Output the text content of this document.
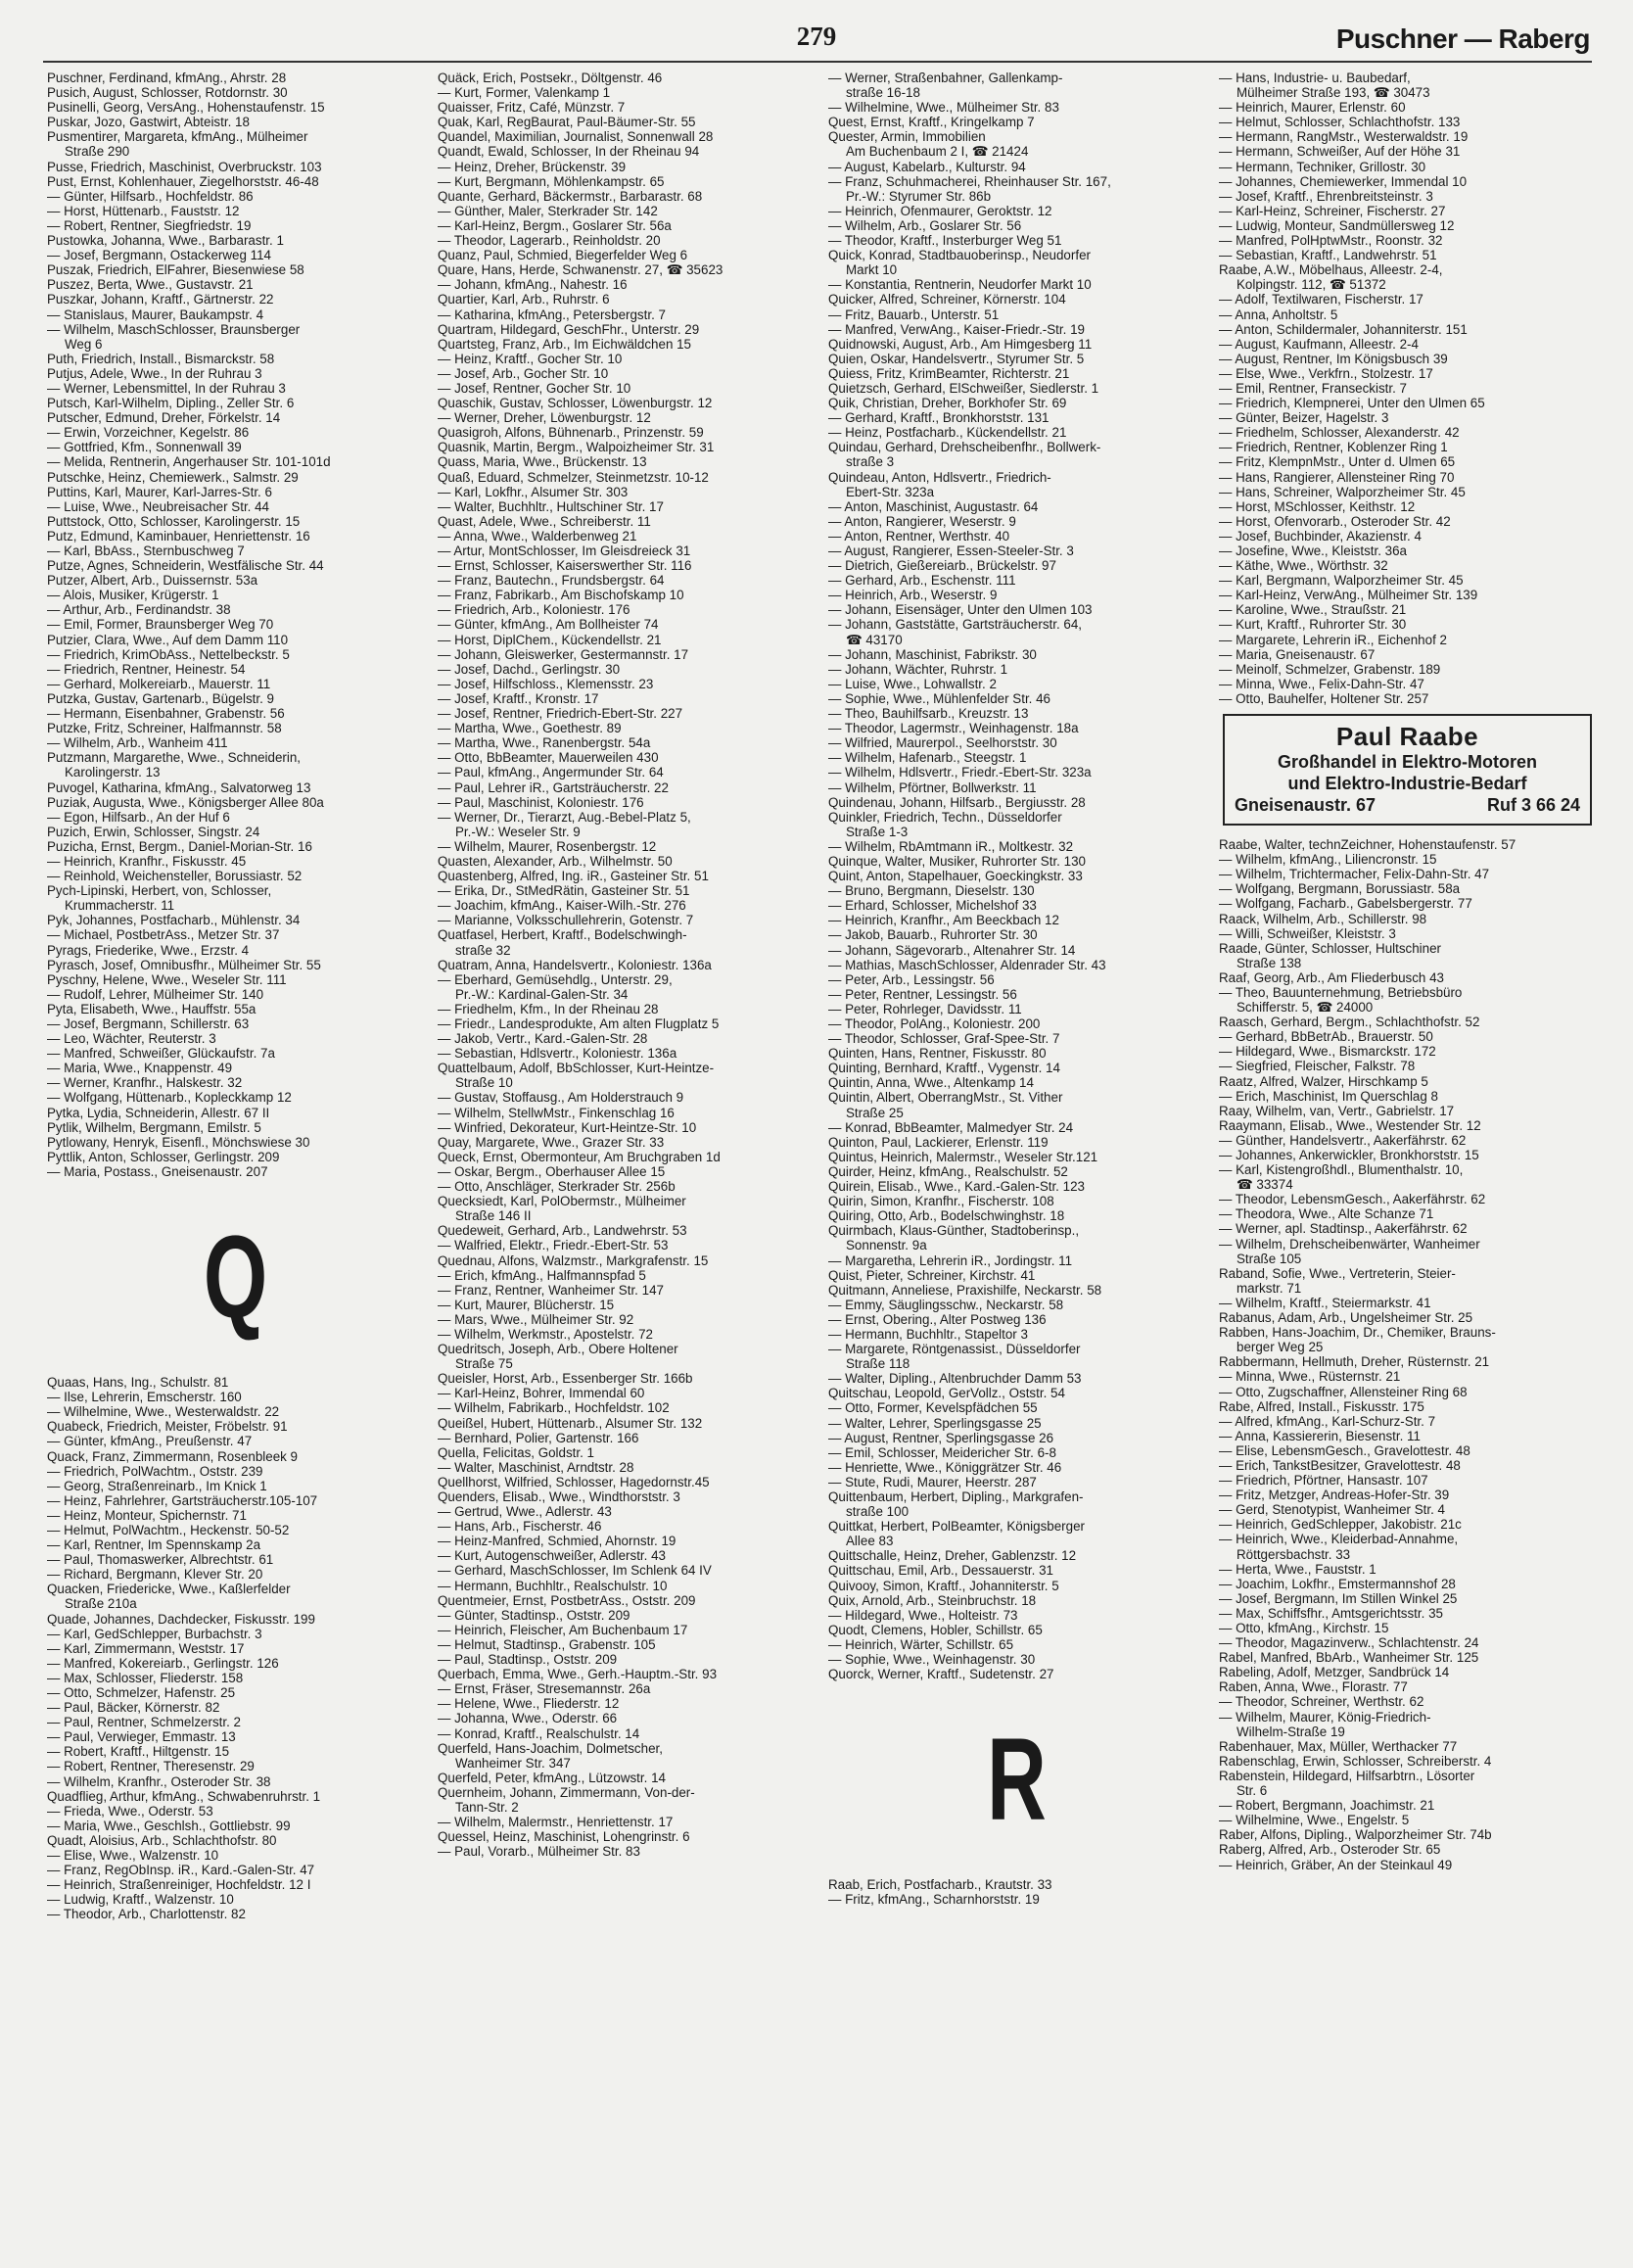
279	Puschner — Raberg
Puschner, Ferdinand, kfmAng., Ahrstr. 28
Pusich, August, Schlosser, Rotdornstr. 30
Pusinelli, Georg, VersAng., Hohenstaufenstr. 15
Puskar, Jozo, Gastwirt, Abteistr. 18
Pusmentirer, Margareta, kfmAng., Mülheimer
Straße 290
Pusse, Friedrich, Maschinist, Overbruckstr. 103
Pust, Ernst, Kohlenhauer, Ziegelhorststr. 46-48
— Günter, Hilfsarb., Hochfeldstr. 86
— Horst, Hüttenarb., Fauststr. 12
— Robert, Rentner, Siegfriedstr. 19
Pustowka, Johanna, Wwe., Barbarastr. 1
— Josef, Bergmann, Ostackerweg 114
Puszak, Friedrich, ElFahrer, Biesenwiese 58
Puszez, Berta, Wwe., Gustavstr. 21
Puszkar, Johann, Kraftf., Gärtnerstr. 22
— Stanislaus, Maurer, Baukampstr. 4
— Wilhelm, MaschSchlosser, Braunsberger
Weg 6
Puth, Friedrich, Install., Bismarckstr. 58
Putjus, Adele, Wwe., In der Ruhrau 3
— Werner, Lebensmittel, In der Ruhrau 3
Putsch, Karl-Wilhelm, Dipling., Zeller Str. 6
Putscher, Edmund, Dreher, Förkelstr. 14
— Erwin, Vorzeichner, Kegelstr. 86
— Gottfried, Kfm., Sonnenwall 39
— Melida, Rentnerin, Angerhauser Str. 101-101d
Putschke, Heinz, Chemiewerk., Salmstr. 29
Puttins, Karl, Maurer, Karl-Jarres-Str. 6
— Luise, Wwe., Neubreisacher Str. 44
Puttstock, Otto, Schlosser, Karolingerstr. 15
Putz, Edmund, Kaminbauer, Henriettenstr. 16
— Karl, BbAss., Sternbuschweg 7
Putze, Agnes, Schneiderin, Westfälische Str. 44
Putzer, Albert, Arb., Duissernstr. 53a
— Alois, Musiker, Krügerstr. 1
— Arthur, Arb., Ferdinandstr. 38
— Emil, Former, Braunsberger Weg 70
Putzier, Clara, Wwe., Auf dem Damm 110
— Friedrich, KrimObAss., Nettelbeckstr. 5
— Friedrich, Rentner, Heinestr. 54
— Gerhard, Molkereiarb., Mauerstr. 11
Putzka, Gustav, Gartenarb., Bügelstr. 9
— Hermann, Eisenbahner, Grabenstr. 56
Putzke, Fritz, Schreiner, Halfmannstr. 58
— Wilhelm, Arb., Wanheim 411
Putzmann, Margarethe, Wwe., Schneiderin,
Karolingerstr. 13
Puvogel, Katharina, kfmAng., Salvatorweg 13
Puziak, Augusta, Wwe., Königsberger Allee 80a
— Egon, Hilfsarb., An der Huf 6
Puzich, Erwin, Schlosser, Singstr. 24
Puzicha, Ernst, Bergm., Daniel-Morian-Str. 16
— Heinrich, Kranfhr., Fiskusstr. 45
— Reinhold, Weichensteller, Borussiastr. 52
Pych-Lipinski, Herbert, von, Schlosser,
Krummacherstr. 11
Pyk, Johannes, Postfacharb., Mühlenstr. 34
— Michael, PostbetrAss., Metzer Str. 37
Pyrags, Friederike, Wwe., Erzstr. 4
Pyrasch, Josef, Omnibusfhr., Mülheimer Str. 55
Pyschny, Helene, Wwe., Weseler Str. 111
— Rudolf, Lehrer, Mülheimer Str. 140
Pyta, Elisabeth, Wwe., Hauffstr. 55a
— Josef, Bergmann, Schillerstr. 63
— Leo, Wächter, Reuterstr. 3
— Manfred, Schweißer, Glückaufstr. 7a
— Maria, Wwe., Knappenstr. 49
— Werner, Kranfhr., Halskestr. 32
— Wolfgang, Hüttenarb., Kopleckkamp 12
Pytka, Lydia, Schneiderin, Allestr. 67 II
Pytlik, Wilhelm, Bergmann, Emilstr. 5
Pytlowany, Henryk, Eisenfl., Mönchswiese 30
Pyttlik, Anton, Schlosser, Gerlingstr. 209
— Maria, Postass., Gneisenaustr. 207
Q
Quaas, Hans, Ing., Schulstr. 81
— Ilse, Lehrerin, Emscherstr. 160
— Wilhelmine, Wwe., Westerwaldstr. 22
Quabeck, Friedrich, Meister, Fröbelstr. 91
— Günter, kfmAng., Preußenstr. 47
Quack, Franz, Zimmermann, Rosenbleek 9
— Friedrich, PolWachtm., Oststr. 239
— Georg, Straßenreinarb., Im Knick 1
— Heinz, Fahrlehrer, Gartsträucherstr.105-107
— Heinz, Monteur, Spichernstr. 71
— Helmut, PolWachtm., Heckenstr. 50-52
— Karl, Rentner, Im Spennskamp 2a
— Paul, Thomaswerker, Albrechtstr. 61
— Richard, Bergmann, Klever Str. 20
Quacken, Friedericke, Wwe., Kaßlerfelder
Straße 210a
Quade, Johannes, Dachdecker, Fiskusstr. 199
— Karl, GedSchlepper, Burbachstr. 3
— Karl, Zimmermann, Weststr. 17
— Manfred, Kokereiarb., Gerlingstr. 126
— Max, Schlosser, Fliederstr. 158
— Otto, Schmelzer, Hafenstr. 25
— Paul, Bäcker, Körnerstr. 82
— Paul, Rentner, Schmelzerstr. 2
— Paul, Verwieger, Emmastr. 13
— Robert, Kraftf., Hiltgenstr. 15
— Robert, Rentner, Theresenstr. 29
— Wilhelm, Kranfhr., Osteroder Str. 38
Quadflieg, Arthur, kfmAng., Schwabenruhrstr. 1
— Frieda, Wwe., Oderstr. 53
— Maria, Wwe., Geschlsh., Gottliebstr. 99
Quadt, Aloisius, Arb., Schlachthofstr. 80
— Elise, Wwe., Walzenstr. 10
— Franz, RegObInsp. iR., Kard.-Galen-Str. 47
— Heinrich, Straßenreiniger, Hochfeldstr. 12 I
— Ludwig, Kraftf., Walzenstr. 10
— Theodor, Arb., Charlottenstr. 82
Quäck, Erich, Postsekr., Döltgenstr. 46
— Kurt, Former, Valenkamp 1
Quaisser, Fritz, Café, Münzstr. 7
Quak, Karl, RegBaurat, Paul-Bäumer-Str. 55
Quandel, Maximilian, Journalist, Sonnenwall 28
Quandt, Ewald, Schlosser, In der Rheinau 94
— Heinz, Dreher, Brückenstr. 39
— Kurt, Bergmann, Möhlenkampstr. 65
Quante, Gerhard, Bäckermstr., Barbarastr. 68
— Günther, Maler, Sterkrader Str. 142
— Karl-Heinz, Bergm., Goslarer Str. 56a
— Theodor, Lagerarb., Reinholdstr. 20
Quanz, Paul, Schmied, Biegerfelder Weg 6
Quare, Hans, Herde, Schwanenstr. 27, ☎ 35623
— Johann, kfmAng., Nahestr. 16
Quartier, Karl, Arb., Ruhrstr. 6
— Katharina, kfmAng., Petersbergstr. 7
Quartram, Hildegard, GeschFhr., Unterstr. 29
Quartsteg, Franz, Arb., Im Eichwäldchen 15
— Heinz, Kraftf., Gocher Str. 10
— Josef, Arb., Gocher Str. 10
— Josef, Rentner, Gocher Str. 10
Quaschik, Gustav, Schlosser, Löwenburgstr. 12
— Werner, Dreher, Löwenburgstr. 12
Quasigroh, Alfons, Bühnenarb., Prinzenstr. 59
Quasnik, Martin, Bergm., Walpoizheimer Str. 31
Quass, Maria, Wwe., Brückenstr. 13
Quaß, Eduard, Schmelzer, Steinmetzstr. 10-12
— Karl, Lokfhr., Alsumer Str. 303
— Walter, Buchhltr., Hultschiner Str. 17
Quast, Adele, Wwe., Schreiberstr. 11
— Anna, Wwe., Walderbenweg 21
— Artur, MontSchlosser, Im Gleisdreieck 31
— Ernst, Schlosser, Kaiserswerther Str. 116
— Franz, Bautechn., Frundsbergstr. 64
— Franz, Fabrikarb., Am Bischofskamp 10
— Friedrich, Arb., Koloniestr. 176
— Günter, kfmAng., Am Bollheister 74
— Horst, DiplChem., Kückendellstr. 21
— Johann, Gleiswerker, Gestermannstr. 17
— Josef, Dachd., Gerlingstr. 30
— Josef, Hilfschloss., Klemensstr. 23
— Josef, Kraftf., Kronstr. 17
— Josef, Rentner, Friedrich-Ebert-Str. 227
— Martha, Wwe., Goethestr. 89
— Martha, Wwe., Ranenbergstr. 54a
— Otto, BbBeamter, Mauerweilen 430
— Paul, kfmAng., Angermunder Str. 64
— Paul, Lehrer iR., Gartsträucherstr. 22
— Paul, Maschinist, Koloniestr. 176
— Werner, Dr., Tierarzt, Aug.-Bebel-Platz 5,
Pr.-W.: Weseler Str. 9
— Wilhelm, Maurer, Rosenbergstr. 12
Quasten, Alexander, Arb., Wilhelmstr. 50
Quastenberg, Alfred, Ing. iR., Gasteiner Str. 51
— Erika, Dr., StMedRätin, Gasteiner Str. 51
— Joachim, kfmAng., Kaiser-Wilh.-Str. 276
— Marianne, Volksschullehrerin, Gotenstr. 7
Quatfasel, Herbert, Kraftf., Bodelschwingh-
straße 32
Quatram, Anna, Handelsvertr., Koloniestr. 136a
— Eberhard, Gemüsehdlg., Unterstr. 29,
Pr.-W.: Kardinal-Galen-Str. 34
— Friedhelm, Kfm., In der Rheinau 28
— Friedr., Landesprodukte, Am alten Flugplatz 5
— Jakob, Vertr., Kard.-Galen-Str. 28
— Sebastian, Hdlsvertr., Koloniestr. 136a
Quattelbaum, Adolf, BbSchlosser, Kurt-Heintze-
Straße 10
— Gustav, Stoffausg., Am Holderstrauch 9
— Wilhelm, StellwMstr., Finkenschlag 16
— Winfried, Dekorateur, Kurt-Heintze-Str. 10
Quay, Margarete, Wwe., Grazer Str. 33
Queck, Ernst, Obermonteur, Am Bruchgraben 1d
— Oskar, Bergm., Oberhauser Allee 15
— Otto, Anschläger, Sterkrader Str. 256b
Quecksiedt, Karl, PolObermstr., Mülheimer
Straße 146 II
Quedeweit, Gerhard, Arb., Landwehrstr. 53
— Walfried, Elektr., Friedr.-Ebert-Str. 53
Quednau, Alfons, Walzmstr., Markgrafenstr. 15
— Erich, kfmAng., Halfmannspfad 5
— Franz, Rentner, Wanheimer Str. 147
— Kurt, Maurer, Blücherstr. 15
— Mars, Wwe., Mülheimer Str. 92
— Wilhelm, Werkmstr., Apostelstr. 72
Quedritsch, Joseph, Arb., Obere Holtener
Straße 75
Queisler, Horst, Arb., Essenberger Str. 166b
— Karl-Heinz, Bohrer, Immendal 60
— Wilhelm, Fabrikarb., Hochfeldstr. 102
Queißel, Hubert, Hüttenarb., Alsumer Str. 132
— Bernhard, Polier, Gartenstr. 166
Quella, Felicitas, Goldstr. 1
— Walter, Maschinist, Arndtstr. 28
Quellhorst, Wilfried, Schlosser, Hagedornstr.45
Quenders, Elisab., Wwe., Windthorststr. 3
— Gertrud, Wwe., Adlerstr. 43
— Hans, Arb., Fischerstr. 46
— Heinz-Manfred, Schmied, Ahornstr. 19
— Kurt, Autogenschweißer, Adlerstr. 43
— Gerhard, MaschSchlosser, Im Schlenk 64 IV
— Hermann, Buchhltr., Realschulstr. 10
Quentmeier, Ernst, PostbetrAss., Oststr. 209
— Günter, Stadtinsp., Oststr. 209
— Heinrich, Fleischer, Am Buchenbaum 17
— Helmut, Stadtinsp., Grabenstr. 105
— Paul, Stadtinsp., Oststr. 209
Querbach, Emma, Wwe., Gerh.-Hauptm.-Str. 93
— Ernst, Fräser, Stresemannstr. 26a
— Helene, Wwe., Fliederstr. 12
— Johanna, Wwe., Oderstr. 66
— Konrad, Kraftf., Realschulstr. 14
Querfeld, Hans-Joachim, Dolmetscher,
Wanheimer Str. 347
Querfeld, Peter, kfmAng., Lützowstr. 14
Quernheim, Johann, Zimmermann, Von-der-
Tann-Str. 2
— Wilhelm, Malermstr., Henriettenstr. 17
Quessel, Heinz, Maschinist, Lohengrinstr. 6
— Paul, Vorarb., Mülheimer Str. 83
— Werner, Straßenbahner, Gallenkamp-
straße 16-18
— Wilhelmine, Wwe., Mülheimer Str. 83
Quest, Ernst, Kraftf., Kringelkamp 7
Quester, Armin, Immobilien
Am Buchenbaum 2 I, ☎ 21424
— August, Kabelarb., Kulturstr. 94
— Franz, Schuhmacherei, Rheinhauser Str. 167,
Pr.-W.: Styrumer Str. 86b
— Heinrich, Ofenmaurer, Geroktstr. 12
— Wilhelm, Arb., Goslarer Str. 56
— Theodor, Kraftf., Insterburger Weg 51
Quick, Konrad, Stadtbauoberinsp., Neudorfer
Markt 10
— Konstantia, Rentnerin, Neudorfer Markt 10
Quicker, Alfred, Schreiner, Körnerstr. 104
— Fritz, Bauarb., Unterstr. 51
— Manfred, VerwAng., Kaiser-Friedr.-Str. 19
Quidnowski, August, Arb., Am Himgesberg 11
Quien, Oskar, Handelsvertr., Styrumer Str. 5
Quiess, Fritz, KrimBeamter, Richterstr. 21
Quietzsch, Gerhard, ElSchweißer, Siedlerstr. 1
Quik, Christian, Dreher, Borkhofer Str. 69
— Gerhard, Kraftf., Bronkhorststr. 131
— Heinz, Postfacharb., Kückendellstr. 21
Quindau, Gerhard, Drehscheibenfhr., Bollwerk-
straße 3
Quindeau, Anton, Hdlsvertr., Friedrich-
Ebert-Str. 323a
— Anton, Maschinist, Augustastr. 64
— Anton, Rangierer, Weserstr. 9
— Anton, Rentner, Werthstr. 40
— August, Rangierer, Essen-Steeler-Str. 3
— Dietrich, Gießereiarb., Brückelstr. 97
— Gerhard, Arb., Eschenstr. 111
— Heinrich, Arb., Weserstr. 9
— Johann, Eisensäger, Unter den Ulmen 103
— Johann, Gaststätte, Gartsträucherstr. 64,
☎ 43170
— Johann, Maschinist, Fabrikstr. 30
— Johann, Wächter, Ruhrstr. 1
— Luise, Wwe., Lohwallstr. 2
— Sophie, Wwe., Mühlenfelder Str. 46
— Theo, Bauhilfsarb., Kreuzstr. 13
— Theodor, Lagermstr., Weinhagenstr. 18a
— Wilfried, Maurerpol., Seelhorststr. 30
— Wilhelm, Hafenarb., Steegstr. 1
— Wilhelm, Hdlsvertr., Friedr.-Ebert-Str. 323a
— Wilhelm, Pförtner, Bollwerkstr. 11
Quindenau, Johann, Hilfsarb., Bergiusstr. 28
Quinkler, Friedrich, Techn., Düsseldorfer
Straße 1-3
— Wilhelm, RbAmtmann iR., Moltkestr. 32
Quinque, Walter, Musiker, Ruhrorter Str. 130
Quint, Anton, Stapelhauer, Goeckingkstr. 33
— Bruno, Bergmann, Dieselstr. 130
— Erhard, Schlosser, Michelshof 33
— Heinrich, Kranfhr., Am Beeckbach 12
— Jakob, Bauarb., Ruhrorter Str. 30
— Johann, Sägevorarb., Altenahrer Str. 14
— Mathias, MaschSchlosser, Aldenrader Str. 43
— Peter, Arb., Lessingstr. 56
— Peter, Rentner, Lessingstr. 56
— Peter, Rohrleger, Davidsstr. 11
— Theodor, PolAng., Koloniestr. 200
— Theodor, Schlosser, Graf-Spee-Str. 7
Quinten, Hans, Rentner, Fiskusstr. 80
Quinting, Bernhard, Kraftf., Vygenstr. 14
Quintin, Anna, Wwe., Altenkamp 14
Quintin, Albert, OberrangMstr., St. Vither
Straße 25
— Konrad, BbBeamter, Malmedyer Str. 24
Quinton, Paul, Lackierer, Erlenstr. 119
Quintus, Heinrich, Malermstr., Weseler Str.121
Quirder, Heinz, kfmAng., Realschulstr. 52
Quirein, Elisab., Wwe., Kard.-Galen-Str. 123
Quirin, Simon, Kranfhr., Fischerstr. 108
Quiring, Otto, Arb., Bodelschwinghstr. 18
Quirmbach, Klaus-Günther, Stadtoberinsp.,
Sonnenstr. 9a
— Margaretha, Lehrerin iR., Jordingstr. 11
Quist, Pieter, Schreiner, Kirchstr. 41
Quitmann, Anneliese, Praxishilfe, Neckarstr. 58
— Emmy, Säuglingsschw., Neckarstr. 58
— Ernst, Obering., Alter Postweg 136
— Hermann, Buchhltr., Stapeltor 3
— Margarete, Röntgenassist., Düsseldorfer
Straße 118
— Walter, Dipling., Altenbruchder Damm 53
Quitschau, Leopold, GerVollz., Oststr. 54
— Otto, Former, Kevelspfädchen 55
— Walter, Lehrer, Sperlingsgasse 25
— August, Rentner, Sperlingsgasse 26
— Emil, Schlosser, Meidericher Str. 6-8
— Henriette, Wwe., Königgrätzer Str. 46
— Stute, Rudi, Maurer, Heerstr. 287
Quittenbaum, Herbert, Dipling., Markgrafen-
straße 100
Quittkat, Herbert, PolBeamter, Königsberger
Allee 83
Quittschalle, Heinz, Dreher, Gablenzstr. 12
Quittschau, Emil, Arb., Dessauerstr. 31
Quivooy, Simon, Kraftf., Johanniterstr. 5
Quix, Arnold, Arb., Steinbruchstr. 18
— Hildegard, Wwe., Holteistr. 73
Quodt, Clemens, Hobler, Schillstr. 65
— Heinrich, Wärter, Schillstr. 65
— Sophie, Wwe., Weinhagenstr. 30
Quorck, Werner, Kraftf., Sudetenstr. 27
R
Raab, Erich, Postfacharb., Krautstr. 33
— Fritz, kfmAng., Scharnhorststr. 19
— Hans, Industrie- u. Baubedarf,
Mülheimer Straße 193, ☎ 30473
— Heinrich, Maurer, Erlenstr. 60
— Helmut, Schlosser, Schlachthofstr. 133
— Hermann, RangMstr., Westerwaldstr. 19
— Hermann, Schweißer, Auf der Höhe 31
— Hermann, Techniker, Grillostr. 30
— Johannes, Chemiewerker, Immendal 10
— Josef, Kraftf., Ehrenbreitsteinstr. 3
— Karl-Heinz, Schreiner, Fischerstr. 27
— Ludwig, Monteur, Sandmüllersweg 12
— Manfred, PolHptwMstr., Roonstr. 32
— Sebastian, Kraftf., Landwehrstr. 51
Raabe, A.W., Möbelhaus, Alleestr. 2-4,
Kolpingstr. 112, ☎ 51372
— Adolf, Textilwaren, Fischerstr. 17
— Anna, Anholtstr. 5
— Anton, Schildermaler, Johanniterstr. 151
— August, Kaufmann, Alleestr. 2-4
— August, Rentner, Im Königsbusch 39
— Else, Wwe., Verkfrn., Stolzestr. 17
— Emil, Rentner, Franseckistr. 7
— Friedrich, Klempnerei, Unter den Ulmen 65
— Günter, Beizer, Hagelstr. 3
— Friedhelm, Schlosser, Alexanderstr. 42
— Friedrich, Rentner, Koblenzer Ring 1
— Fritz, KlempnMstr., Unter d. Ulmen 65
— Hans, Rangierer, Allensteiner Ring 70
— Hans, Schreiner, Walporzheimer Str. 45
— Horst, MSchlosser, Keithstr. 12
— Horst, Ofenvorarb., Osteroder Str. 42
— Josef, Buchbinder, Akazienstr. 4
— Josefine, Wwe., Kleiststr. 36a
— Käthe, Wwe., Wörthstr. 32
— Karl, Bergmann, Walporzheimer Str. 45
— Karl-Heinz, VerwAng., Mülheimer Str. 139
— Karoline, Wwe., Straußstr. 21
— Kurt, Kraftf., Ruhrorter Str. 30
— Margarete, Lehrerin iR., Eichenhof 2
— Maria, Gneisenaustr. 67
— Meinolf, Schmelzer, Grabenstr. 189
— Minna, Wwe., Felix-Dahn-Str. 47
— Otto, Bauhelfer, Holtener Str. 257
Paul Raabe
Großhandel in Elektro-Motoren
und Elektro-Industrie-Bedarf
Gneisenaustr. 67	Ruf 3 66 24
Raabe, Walter, technZeichner, Hohenstaufenstr. 57
— Wilhelm, kfmAng., Liliencronstr. 15
— Wilhelm, Trichtermacher, Felix-Dahn-Str. 47
— Wolfgang, Bergmann, Borussiastr. 58a
— Wolfgang, Facharb., Gabelsbergerstr. 77
Raack, Wilhelm, Arb., Schillerstr. 98
— Willi, Schweißer, Kleiststr. 3
Raade, Günter, Schlosser, Hultschiner
Straße 138
Raaf, Georg, Arb., Am Fliederbusch 43
— Theo, Bauunternehmung, Betriebsbüro
Schifferstr. 5, ☎ 24000
Raasch, Gerhard, Bergm., Schlachthofstr. 52
— Gerhard, BbBetrAb., Brauerstr. 50
— Hildegard, Wwe., Bismarckstr. 172
— Siegfried, Fleischer, Falkstr. 78
Raatz, Alfred, Walzer, Hirschkamp 5
— Erich, Maschinist, Im Querschlag 8
Raay, Wilhelm, van, Vertr., Gabrielstr. 17
Raaymann, Elisab., Wwe., Westender Str. 12
— Günther, Handelsvertr., Aakerfährstr. 62
— Johannes, Ankerwickler, Bronkhorststr. 15
— Karl, Kistengroßhdl., Blumenthalstr. 10,
☎ 33374
— Theodor, LebensmGesch., Aakerfährstr. 62
— Theodora, Wwe., Alte Schanze 71
— Werner, apl. Stadtinsp., Aakerfährstr. 62
— Wilhelm, Drehscheibenwärter, Wanheimer
Straße 105
Raband, Sofie, Wwe., Vertreterin, Steier-
markstr. 71
— Wilhelm, Kraftf., Steiermarkstr. 41
Rabanus, Adam, Arb., Ungelsheimer Str. 25
Rabben, Hans-Joachim, Dr., Chemiker, Brauns-
berger Weg 25
Rabbermann, Hellmuth, Dreher, Rüsternstr. 21
— Minna, Wwe., Rüsternstr. 21
— Otto, Zugschaffner, Allensteiner Ring 68
Rabe, Alfred, Install., Fiskusstr. 175
— Alfred, kfmAng., Karl-Schurz-Str. 7
— Anna, Kassiererin, Biesenstr. 11
— Elise, LebensmGesch., Gravelottestr. 48
— Erich, TankstBesitzer, Gravelottestr. 48
— Friedrich, Pförtner, Hansastr. 107
— Fritz, Metzger, Andreas-Hofer-Str. 39
— Gerd, Stenotypist, Wanheimer Str. 4
— Heinrich, GedSchlepper, Jakobistr. 21c
— Heinrich, Wwe., Kleiderbad-Annahme,
Röttgersbachstr. 33
— Herta, Wwe., Fauststr. 1
— Joachim, Lokfhr., Emstermannshof 28
— Josef, Bergmann, Im Stillen Winkel 25
— Max, Schiffsfhr., Amtsgerichtsstr. 35
— Otto, kfmAng., Kirchstr. 15
— Theodor, Magazinverw., Schlachtenstr. 24
Rabel, Manfred, BbArb., Wanheimer Str. 125
Rabeling, Adolf, Metzger, Sandbrück 14
Raben, Anna, Wwe., Florastr. 77
— Theodor, Schreiner, Werthstr. 62
— Wilhelm, Maurer, König-Friedrich-
Wilhelm-Straße 19
Rabenhauer, Max, Müller, Werthacker 77
Rabenschlag, Erwin, Schlosser, Schreiberstr. 4
Rabenstein, Hildegard, Hilfsarbtrn., Lösorter
Str. 6
— Robert, Bergmann, Joachimstr. 21
— Wilhelmine, Wwe., Engelstr. 5
Raber, Alfons, Dipling., Walporzheimer Str. 74b
Raberg, Alfred, Arb., Osteroder Str. 65
— Heinrich, Gräber, An der Steinkaul 49
